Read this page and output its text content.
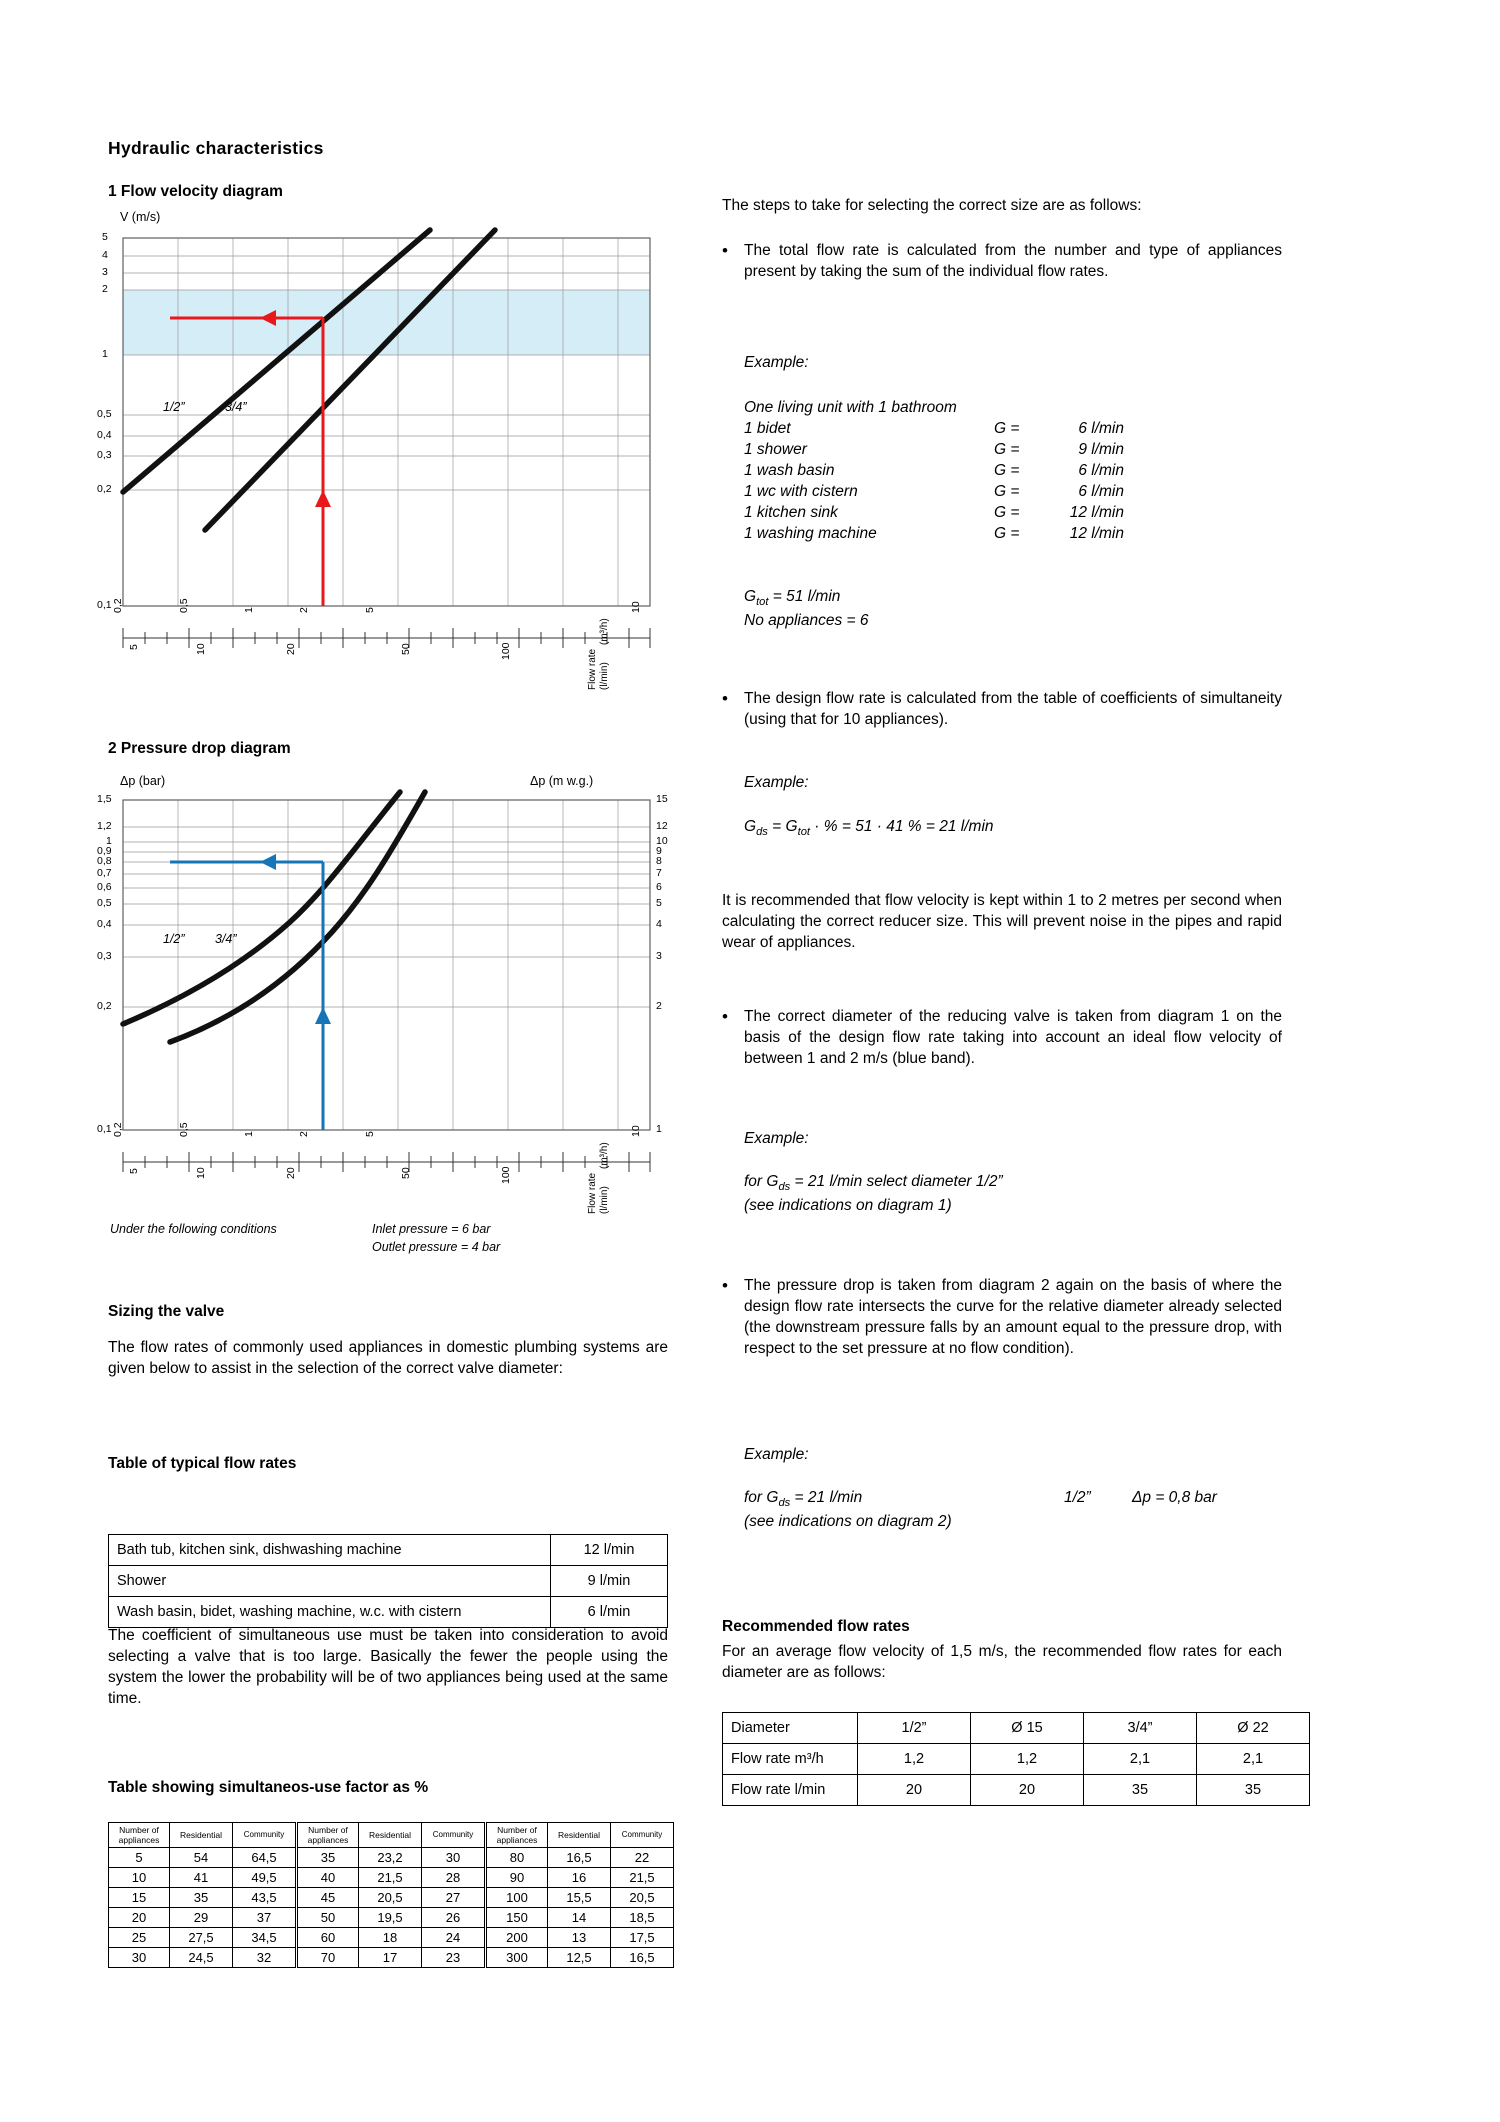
Hydraulic characteristics
1 Flow velocity diagram
V (m/s)
5
4
3
2
1
0,5
0,4
0,3
0,2
0,1
1/2”	3/4”
0,2	0,5	1	2	5	10
5	10	20	50	100	Flow rate (l/min)
(m³/h)
2 Pressure drop diagram
Δp (bar)	Δp (m w.g.)
1,5
1,2
1
0,9
0,8
0,7
0,6
0,5
0,4
0,3
0,2
0,1
15
12
10
9
8
7
6
5
4
3
2
1
1/2” 3/4”
0,2	0,5	1	2	5	10
5	10	20	50	100	Flow rate (l/min)
(m³/h)
Under the following conditions	Inlet pressure = 6 bar
Outlet pressure = 4 bar
Sizing the valve
The flow rates of commonly used appliances in domestic plumbing systems are given below to assist in the selection of the correct valve diameter:
Table of typical flow rates
Bath tub, kitchen sink, dishwashing machine	12 l/min
Shower	9 l/min
Wash basin, bidet, washing machine, w.c. with cistern	6 l/min
The coefficient of simultaneous use must be taken into consideration to avoid selecting a valve that is too large. Basically the fewer the people using the system the lower the probability will be of two appliances being used at the same time.
Table showing simultaneos-use factor as %
Number of appliances	Residential	Community
5	54	64,5
10	41	49,5
15	35	43,5
20	29	37
25	27,5	34,5
30	24,5	32
Number of appliances	Residential	Community
35	23,2	30
40	21,5	28
45	20,5	27
50	19,5	26
60	18	24
70	17	23
Number of appliances	Residential	Community
80	16,5	22
90	16	21,5
100	15,5	20,5
150	14	18,5
200	13	17,5
300	12,5	16,5
The steps to take for selecting the correct size are as follows:
• The total flow rate is calculated from the number and type of appliances present by taking the sum of the individual flow rates.
Example:
One living unit with 1 bathroom
1 bidet	G =	6 l/min
1 shower	G =	9 l/min
1 wash basin	G =	6 l/min
1 wc with cistern	G =	6 l/min
1 kitchen sink	G =	12 l/min
1 washing machine	G =	12 l/min
$G_{tot} = 51$ l/min
No appliances = 6
• The design flow rate is calculated from the table of coefficients of simultaneity (using that for 10 appliances).
Example:
$G_{ds} = G_{tot}$ · % = 51 · 41 % = 21 l/min
It is recommended that flow velocity is kept within 1 to 2 metres per second when calculating the correct reducer size. This will prevent noise in the pipes and rapid wear of appliances.
• The correct diameter of the reducing valve is taken from diagram 1 on the basis of the design flow rate taking into account an ideal flow velocity of between 1 and 2 m/s (blue band).
Example:
for $G_{ds} = 21$ l/min select diameter 1/2”
(see indications on diagram 1)
• The pressure drop is taken from diagram 2 again on the basis of where the design flow rate intersects the curve for the relative diameter already selected (the downstream pressure falls by an amount equal to the pressure drop, with respect to the set pressure at no flow condition).
Example:
for $G_{ds} = 21$ l/min	1/2”	Δp = 0,8 bar
(see indications on diagram 2)
Recommended flow rates
For an average flow velocity of 1,5 m/s, the recommended flow rates for each diameter are as follows:
Diameter	1/2”	Ø 15	3/4”	Ø 22
Flow rate m³/h	1,2	1,2	2,1	2,1
Flow rate l/min	20	20	35	35
